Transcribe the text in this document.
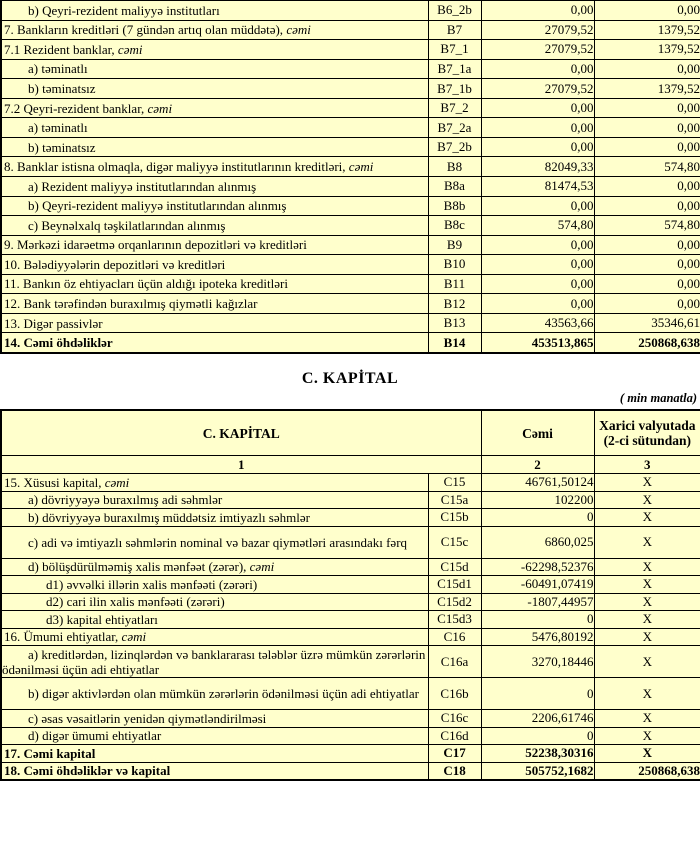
b) Qeyri-rezident maliyyə institutları	B6_2b	0,00	0,00
7. Bankların kreditləri (7 gündən artıq olan müddətə), cəmi	B7	27079,52	1379,52
7.1 Rezident banklar, cəmi	B7_1	27079,52	1379,52
a) təminatlı	B7_1a	0,00	0,00
b) təminatsız	B7_1b	27079,52	1379,52
7.2 Qeyri-rezident banklar, cəmi	B7_2	0,00	0,00
a) təminatlı	B7_2a	0,00	0,00
b) təminatsız	B7_2b	0,00	0,00
8. Banklar istisna olmaqla, digər maliyyə institutlarının kreditləri, cəmi	B8	82049,33	574,80
a) Rezident maliyyə institutlarından alınmış	B8a	81474,53	0,00
b) Qeyri-rezident maliyyə institutlarından alınmış	B8b	0,00	0,00
c) Beynəlxalq təşkilatlarından alınmış	B8c	574,80	574,80
9. Mərkəzi idarəetmə orqanlarının depozitləri və kreditləri	B9	0,00	0,00
10. Bələdiyyələrin depozitləri və kreditləri	B10	0,00	0,00
11. Bankın öz ehtiyacları üçün aldığı ipoteka kreditləri	B11	0,00	0,00
12. Bank tərəfindən buraxılmış qiymətli kağızlar	B12	0,00	0,00
13. Digər passivlər	B13	43563,66	35346,61
14. Cəmi öhdəliklər	B14	453513,865	250868,638
C. KAPİTAL
( min manatla)
C. KAPİTAL		Cəmi	Xarici valyutada (2-ci sütundan)
1		2	3
15. Xüsusi kapital, cəmi	C15	46761,50124	X
a) dövriyyəyə buraxılmış adi səhmlər	C15a	102200	X
b) dövriyyəyə buraxılmış müddətsiz imtiyazlı səhmlər	C15b	0	X
c) adi və imtiyazlı səhmlərin nominal və bazar qiymətləri arasındakı fərq	C15c	6860,025	X
d) bölüşdürülməmiş xalis mənfəət (zərər), cəmi	C15d	-62298,52376	X
d1) əvvəlki illərin xalis mənfəəti (zərəri)	C15d1	-60491,07419	X
d2) cari ilin xalis mənfəəti (zərəri)	C15d2	-1807,44957	X
d3) kapital ehtiyatları	C15d3	0	X
16. Ümumi ehtiyatlar, cəmi	C16	5476,80192	X
a) kreditlərdən, lizinqlərdən və banklararası tələblər üzrə mümkün zərərlərin ödənilməsi üçün adi ehtiyatlar	C16a	3270,18446	X
b) digər aktivlərdən olan mümkün zərərlərin ödənilməsi üçün adi ehtiyatlar	C16b	0	X
c) əsas vəsaitlərin yenidən qiymətləndirilməsi	C16c	2206,61746	X
d) digər ümumi ehtiyatlar	C16d	0	X
17. Cəmi kapital	C17	52238,30316	X
18. Cəmi öhdəliklər və kapital	C18	505752,1682	250868,638
